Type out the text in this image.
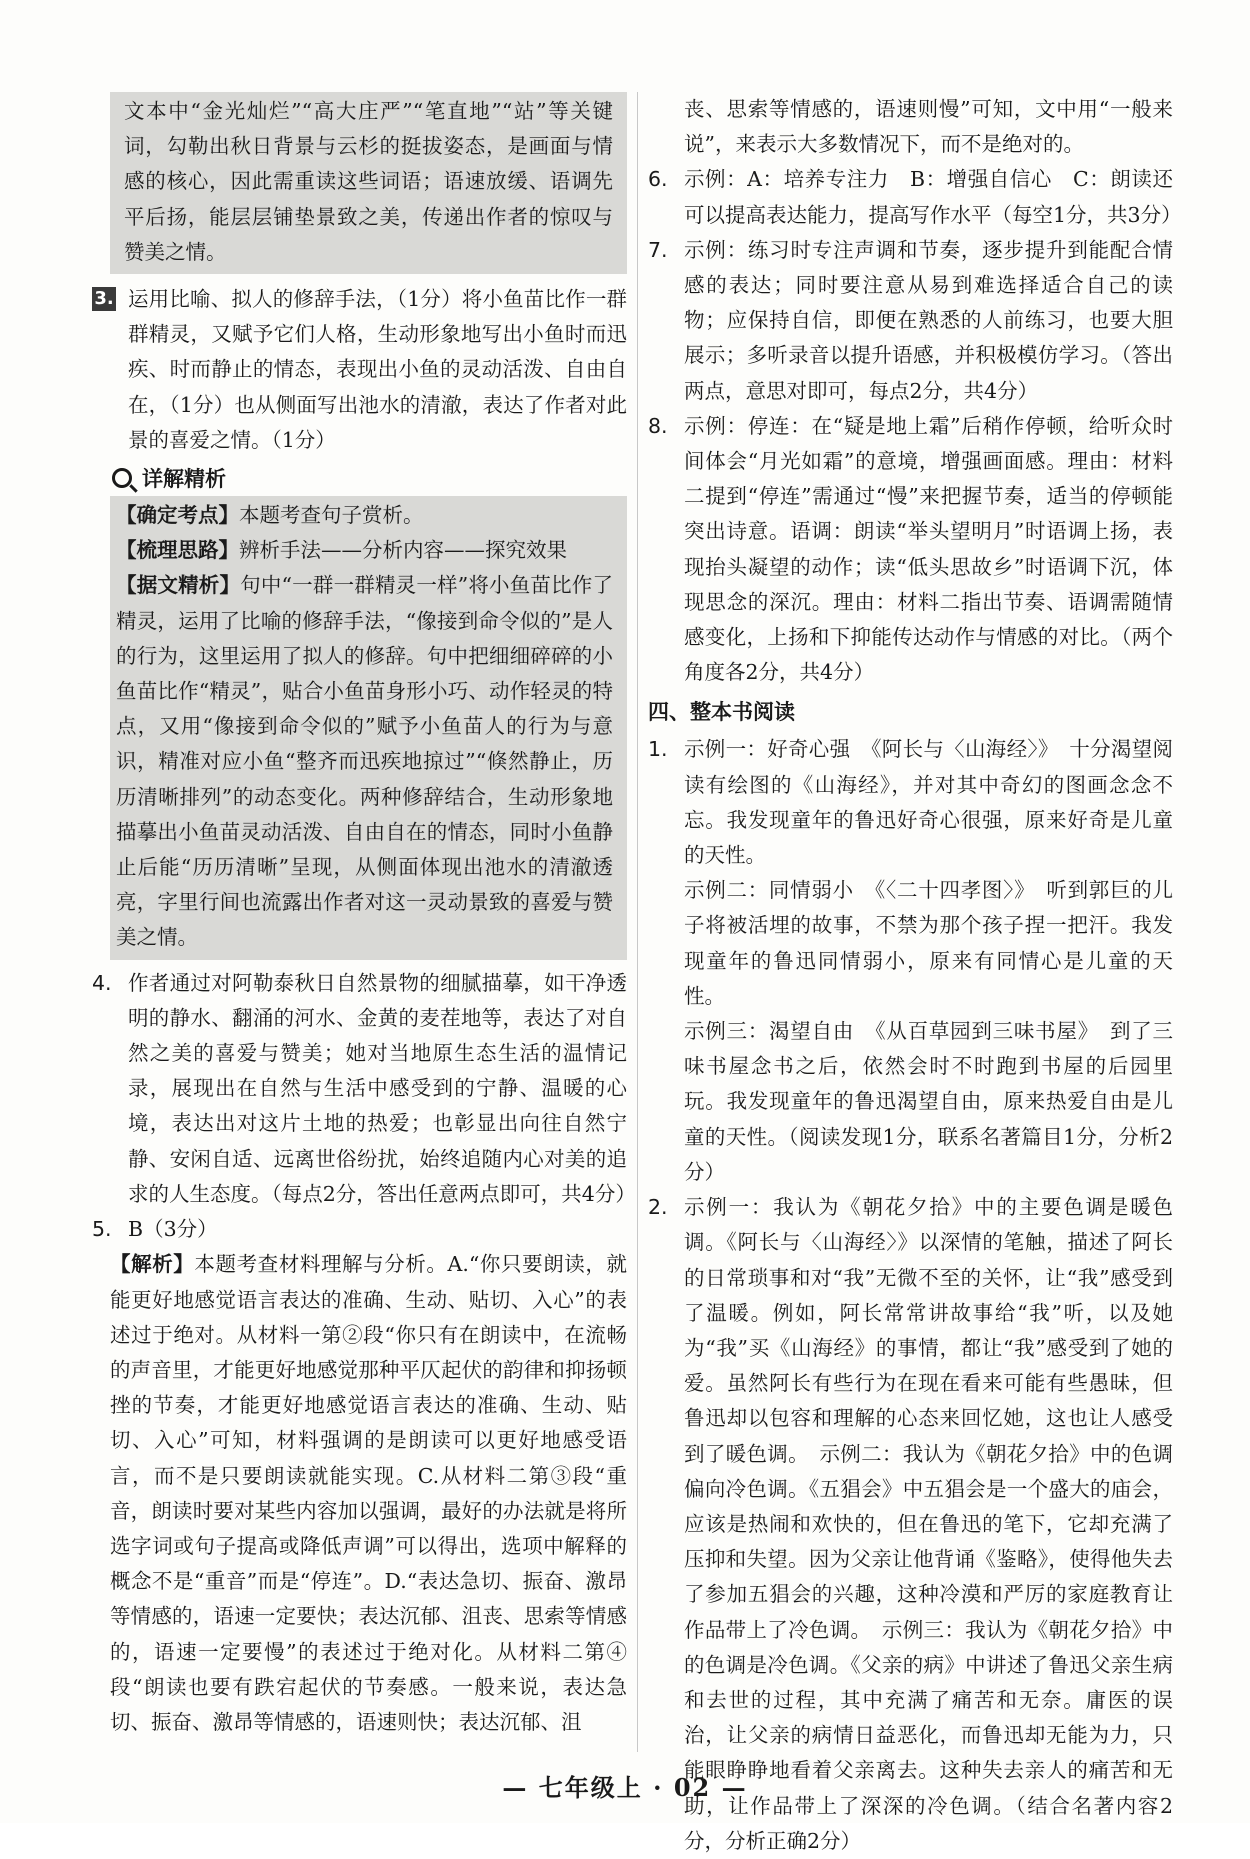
文本中“金光灿烂”“高大庄严”“笔直地”“站”等关键词，勾勒出秋日背景与云杉的挺拔姿态，是画面与情感的核心，因此需重读这些词语；语速放缓、语调先平后扬，能层层铺垫景致之美，传递出作者的惊叹与赞美之情。

3. 运用比喻、拟人的修辞手法，（1分）将小鱼苗比作一群群精灵，又赋予它们人格，生动形象地写出小鱼时而迅疾、时而静止的情态，表现出小鱼的灵动活泼、自由自在，（1分）也从侧面写出池水的清澈，表达了作者对此景的喜爱之情。（1分）

详解精析

【确定考点】本题考查句子赏析。

【梳理思路】辨析手法——分析内容——探究效果

【据文精析】句中“一群一群精灵一样”将小鱼苗比作了精灵，运用了比喻的修辞手法，“像接到命令似的”是人的行为，这里运用了拟人的修辞。句中把细细碎碎的小鱼苗比作“精灵”，贴合小鱼苗身形小巧、动作轻灵的特点，又用“像接到命令似的”赋予小鱼苗人的行为与意识，精准对应小鱼“整齐而迅疾地掠过”“倏然静止，历历清晰排列”的动态变化。两种修辞结合，生动形象地描摹出小鱼苗灵动活泼、自由自在的情态，同时小鱼静止后能“历历清晰”呈现，从侧面体现出池水的清澈透亮，字里行间也流露出作者对这一灵动景致的喜爱与赞美之情。

4. 作者通过对阿勒泰秋日自然景物的细腻描摹，如干净透明的静水、翻涌的河水、金黄的麦茬地等，表达了对自然之美的喜爱与赞美；她对当地原生态生活的温情记录，展现出在自然与生活中感受到的宁静、温暖的心境，表达出对这片土地的热爱；也彰显出向往自然宁静、安闲自适、远离世俗纷扰，始终追随内心对美的追求的人生态度。（每点2分，答出任意两点即可，共4分）

5. B（3分）

【解析】本题考查材料理解与分析。A.“你只要朗读，就能更好地感觉语言表达的准确、生动、贴切、入心”的表述过于绝对。从材料一第②段“你只有在朗读中，在流畅的声音里，才能更好地感觉那种平仄起伏的韵律和抑扬顿挫的节奏，才能更好地感觉语言表达的准确、生动、贴切、入心”可知，材料强调的是朗读可以更好地感受语言，而不是只要朗读就能实现。C.从材料二第③段“重音，朗读时要对某些内容加以强调，最好的办法就是将所选字词或句子提高或降低声调”可以得出，选项中解释的概念不是“重音”而是“停连”。D.“表达急切、振奋、激昂等情感的，语速一定要快；表达沉郁、沮丧、思索等情感的，语速一定要慢”的表述过于绝对化。从材料二第④段“朗读也要有跌宕起伏的节奏感。一般来说，表达急切、振奋、激昂等情感的，语速则快；表达沉郁、沮

丧、思索等情感的，语速则慢”可知，文中用“一般来说”，来表示大多数情况下，而不是绝对的。

6. 示例：A：培养专注力　B：增强自信心　C：朗读还可以提高表达能力，提高写作水平（每空1分，共3分）

7. 示例：练习时专注声调和节奏，逐步提升到能配合情感的表达；同时要注意从易到难选择适合自己的读物；应保持自信，即便在熟悉的人前练习，也要大胆展示；多听录音以提升语感，并积极模仿学习。（答出两点，意思对即可，每点2分，共4分）

8. 示例：停连：在“疑是地上霜”后稍作停顿，给听众时间体会“月光如霜”的意境，增强画面感。理由：材料二提到“停连”需通过“慢”来把握节奏，适当的停顿能突出诗意。语调：朗读“举头望明月”时语调上扬，表现抬头凝望的动作；读“低头思故乡”时语调下沉，体现思念的深沉。理由：材料二指出节奏、语调需随情感变化，上扬和下抑能传达动作与情感的对比。（两个角度各2分，共4分）

四、整本书阅读

1. 示例一：好奇心强　《阿长与〈山海经〉》　十分渴望阅读有绘图的《山海经》，并对其中奇幻的图画念念不忘。我发现童年的鲁迅好奇心很强，原来好奇是儿童的天性。

示例二：同情弱小　《〈二十四孝图〉》　听到郭巨的儿子将被活埋的故事，不禁为那个孩子捏一把汗。我发现童年的鲁迅同情弱小，原来有同情心是儿童的天性。

示例三：渴望自由　《从百草园到三味书屋》　到了三味书屋念书之后，依然会时不时跑到书屋的后园里玩。我发现童年的鲁迅渴望自由，原来热爱自由是儿童的天性。（阅读发现1分，联系名著篇目1分，分析2分）

2. 示例一：我认为《朝花夕拾》中的主要色调是暖色调。《阿长与〈山海经〉》以深情的笔触，描述了阿长的日常琐事和对“我”无微不至的关怀，让“我”感受到了温暖。例如，阿长常常讲故事给“我”听，以及她为“我”买《山海经》的事情，都让“我”感受到了她的爱。虽然阿长有些行为在现在看来可能有些愚昧，但鲁迅却以包容和理解的心态来回忆她，这也让人感受到了暖色调。　示例二：我认为《朝花夕拾》中的色调偏向冷色调。《五猖会》中五猖会是一个盛大的庙会，应该是热闹和欢快的，但在鲁迅的笔下，它却充满了压抑和失望。因为父亲让他背诵《鉴略》，使得他失去了参加五猖会的兴趣，这种冷漠和严厉的家庭教育让作品带上了冷色调。　示例三：我认为《朝花夕拾》中的色调是冷色调。《父亲的病》中讲述了鲁迅父亲生病和去世的过程，其中充满了痛苦和无奈。庸医的误治，让父亲的病情日益恶化，而鲁迅却无能为力，只能眼睁睁地看着父亲离去。这种失去亲人的痛苦和无助，让作品带上了深深的冷色调。（结合名著内容2分，分析正确2分）

— 七年级上 · 02 —
